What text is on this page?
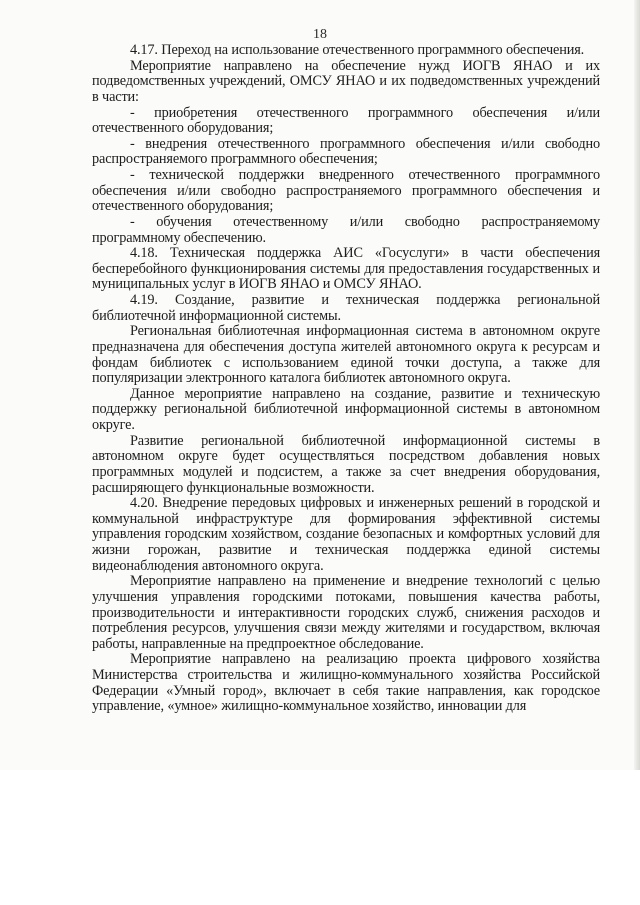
18

4.17. Переход на использование отечественного программного обеспечения.

Мероприятие направлено на обеспечение нужд ИОГВ ЯНАО и их подведомственных учреждений, ОМСУ ЯНАО и их подведомственных учреждений в части:

- приобретения отечественного программного обеспечения и/или отечественного оборудования;

- внедрения отечественного программного обеспечения и/или свободно распространяемого программного обеспечения;

- технической поддержки внедренного отечественного программного обеспечения и/или свободно распространяемого программного обеспечения и отечественного оборудования;

- обучения отечественному и/или свободно распространяемому программному обеспечению.

4.18. Техническая поддержка АИС «Госуслуги» в части обеспечения бесперебойного функционирования системы для предоставления государственных и муниципальных услуг в ИОГВ ЯНАО и ОМСУ ЯНАО.

4.19. Создание, развитие и техническая поддержка региональной библиотечной информационной системы.

Региональная библиотечная информационная система в автономном округе предназначена для обеспечения доступа жителей автономного округа к ресурсам и фондам библиотек с использованием единой точки доступа, а также для популяризации электронного каталога библиотек автономного округа.

Данное мероприятие направлено на создание, развитие и техническую поддержку региональной библиотечной информационной системы в автономном округе.

Развитие региональной библиотечной информационной системы в автономном округе будет осуществляться посредством добавления новых программных модулей и подсистем, а также за счет внедрения оборудования, расширяющего функциональные возможности.

4.20. Внедрение передовых цифровых и инженерных решений в городской и коммунальной инфраструктуре для формирования эффективной системы управления городским хозяйством, создание безопасных и комфортных условий для жизни горожан, развитие и техническая поддержка единой системы видеонаблюдения автономного округа.

Мероприятие направлено на применение и внедрение технологий с целью улучшения управления городскими потоками, повышения качества работы, производительности и интерактивности городских служб, снижения расходов и потребления ресурсов, улучшения связи между жителями и государством, включая работы, направленные на предпроектное обследование.

Мероприятие направлено на реализацию проекта цифрового хозяйства Министерства строительства и жилищно-коммунального хозяйства Российской Федерации «Умный город», включает в себя такие направления, как городское управление, «умное» жилищно-коммунальное хозяйство, инновации для
